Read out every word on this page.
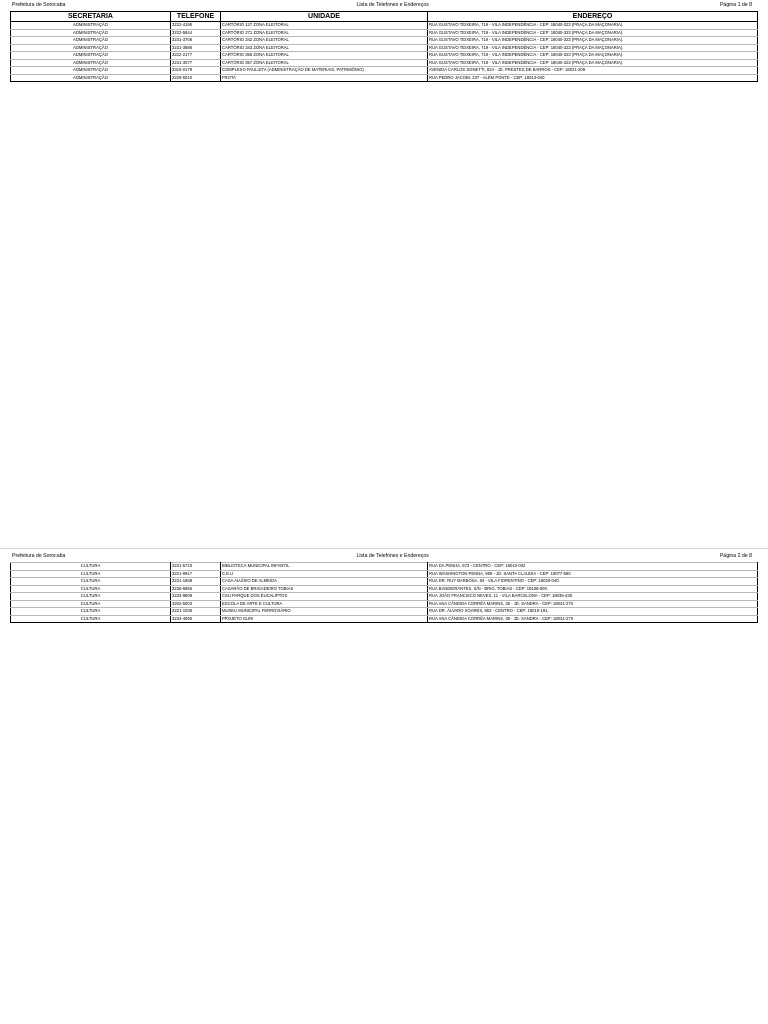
Prefeitura de Sorocaba	Lista de Telefones e Endereços	Página 1 de 8
SECRETARIA	TELEFONE	UNIDADE	ENDEREÇO
ADMINISTRAÇÃO	3222-4195	CARTÓRIO 137 ZONA ELEITORAL	RUA GUSTAVO TEIXEIRA, 719 - VILA INDEPENDÊNCIA - CEP: 18040-323 (PRAÇA DA MAÇONARIA).
ADMINISTRAÇÃO	3222-5844	CARTÓRIO 271 ZONA ELEITORAL	RUA GUSTAVO TEIXEIRA, 719 - VILA INDEPENDÊNCIA - CEP: 18040-323 (PRAÇA DA MAÇONARIA).
ADMINISTRAÇÃO	3231-3706	CARTÓRIO 342 ZONA ELEITORAL	RUA GUSTAVO TEIXEIRA, 719 - VILA INDEPENDÊNCIA - CEP: 18040-323 (PRAÇA DA MAÇONARIA).
ADMINISTRAÇÃO	3231-3686	CARTÓRIO 343 ZONA ELEITORAL	RUA GUSTAVO TEIXEIRA, 719 - VILA INDEPENDÊNCIA - CEP: 18040-323 (PRAÇA DA MAÇONARIA).
ADMINISTRAÇÃO	3222-2177	CARTÓRIO 356 ZONA ELEITORAL	RUA GUSTAVO TEIXEIRA, 719 - VILA INDEPENDÊNCIA - CEP: 18040-323 (PRAÇA DA MAÇONARIA).
ADMINISTRAÇÃO	3231-3077	CARTÓRIO 357 ZONA ELEITORAL	RUA GUSTAVO TEIXEIRA, 719 - VILA INDEPENDÊNCIA - CEP: 18040-323 (PRAÇA DA MAÇONARIA).
ADMINISTRAÇÃO	3315-0179	COMPLEXO PAULISTA (ADMINISTRAÇÃO DE MATERIAIS, PATRIMÔNIO)	AVENIDA CARLOS SONETTI, 824 - JD. PRESTES DE BARROS - CEP: 18021-209
ADMINISTRAÇÃO	2229-5010	FROTA	RUA PEDRO JACOBI, 237 - ALÉM PONTE - CEP: 18013-040
Prefeitura de Sorocaba	Lista de Telefones e Endereços	Página 2 de 8
CULTURA	3231-5723	BIBLIOTECA MUNICIPAL INFANTIL	RUA DA PENHA, 673 - CENTRO - CEP: 18010-002
CULTURA	3221-9917	C.E.U	RUA WASHINGTON PENNA, 969 - JD. SANTA CLAUDIA - CEP: 18077-580
CULTURA	3231-1668	CASA ALUÍSIO DE ALMEIDA	RUA DR. RUY BARBOSA, 84 - VILA FIORENTINO - CEP: 18020-040.
CULTURA	3236-6856	CASARÃO DE BRIGADEIRO TOBIAS	RUA BANDEIRANTES, S/N - BRIG. TOBIAS - CEP: 18108-000.
CULTURA	3233-9809	CSU PARQUE DOS EUCALIPTOS	RUA JOÃO FRANCISCO NEVES, 11 - VILA BARCELONA - CEP: 18035-430.
CULTURA	3202-5003	ESCOLA DE ARTE E CULTURA	RUA ANA CÂNDIDA CORRÊA MARINS, 35 - JD. SANDRA - CEP: 18031-270
CULTURA	3221-1036	MUSEU MUNICIPAL FERROVIÁRIO	RUA DR. ÁLVARO SOARES, 553 - CENTRO - CEP: 18010-191.
CULTURA	3233-4065	PROJETO GURI	RUA ANA CÂNDIDA CORRÊA MARINS, 35 - JD. SANDRA - CEP: 18031-270
